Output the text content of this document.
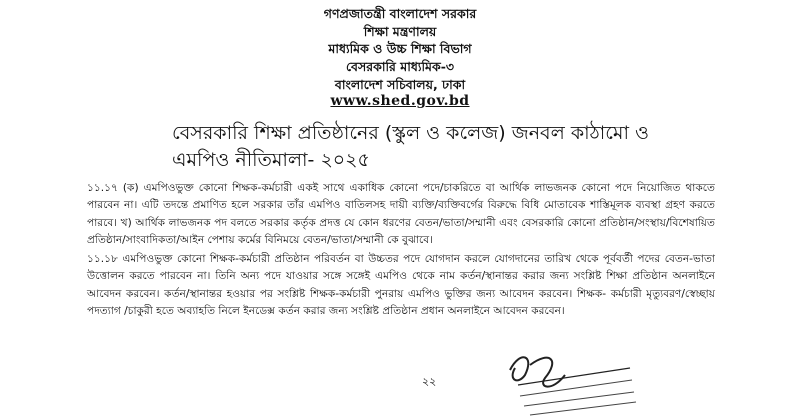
গণপ্রজাতন্ত্রী বাংলাদেশ সরকার
শিক্ষা মন্ত্রণালয়
মাধ্যমিক ও উচ্চ শিক্ষা বিভাগ
বেসরকারি মাধ্যমিক-৩
বাংলাদেশ সচিবালয়, ঢাকা
www.shed.gov.bd
বেসরকারি শিক্ষা প্রতিষ্ঠানের (স্কুল ও কলেজ) জনবল কাঠামো ও
এমপিও নীতিমালা- ২০২৫
১১.১৭ (ক) এমপিওভুক্ত কোনো শিক্ষক-কর্মচারী একই সাথে একাধিক কোনো পদে/চাকরিতে বা আর্থিক লাভজনক কোনো পদে নিয়োজিত থাকতে পারবেন না। এটি তদন্তে প্রমাণিত হলে সরকার তাঁর এমপিও বাতিলসহ দায়ী ব্যক্তি/ব্যক্তিবর্গের বিরুদ্ধে বিধি মোতাবেক শাস্তিমূলক ব্যবস্থা গ্রহণ করতে পারবে। খ) আর্থিক লাভজনক পদ বলতে সরকার কর্তৃক প্রদত্ত যে কোন ধরণের বেতন/ভাতা/সম্মানী এবং বেসরকারি কোনো প্রতিষ্ঠান/সংস্থায়/বিশেষায়িত প্রতিষ্ঠান/সাংবাদিকতা/আইন পেশায় কর্মের বিনিময়ে বেতন/ভাতা/সম্মানী কে বুঝাবে।
১১.১৮ এমপিওভুক্ত কোনো শিক্ষক-কর্মচারী প্রতিষ্ঠান পরিবর্তন বা উচ্চতর পদে যোগদান করলে যোগদানের তারিখ থেকে পূর্ববর্তী পদের বেতন-ভাতা উত্তোলন করতে পারবেন না। তিনি অন্য পদে যাওয়ার সঙ্গে সঙ্গেই এমপিও থেকে নাম কর্তন/স্থানান্তর করার জন্য সংশ্লিষ্ট শিক্ষা প্রতিষ্ঠান অনলাইনে আবেদন করবেন। কর্তন/স্থানান্তর হওয়ার পর সংশ্লিষ্ট শিক্ষক-কর্মচারী পুনরায় এমপিও ভুক্তির জন্য আবেদন করবেন। শিক্ষক- কর্মচারী মৃত্যুবরণ/স্বেচ্ছায় পদত্যাগ /চাকুরী হতে অব্যাহতি নিলে ইনডেক্স কর্তন করার জন্য সংশ্লিষ্ট প্রতিষ্ঠান প্রধান অনলাইনে আবেদন করবেন।
২২
